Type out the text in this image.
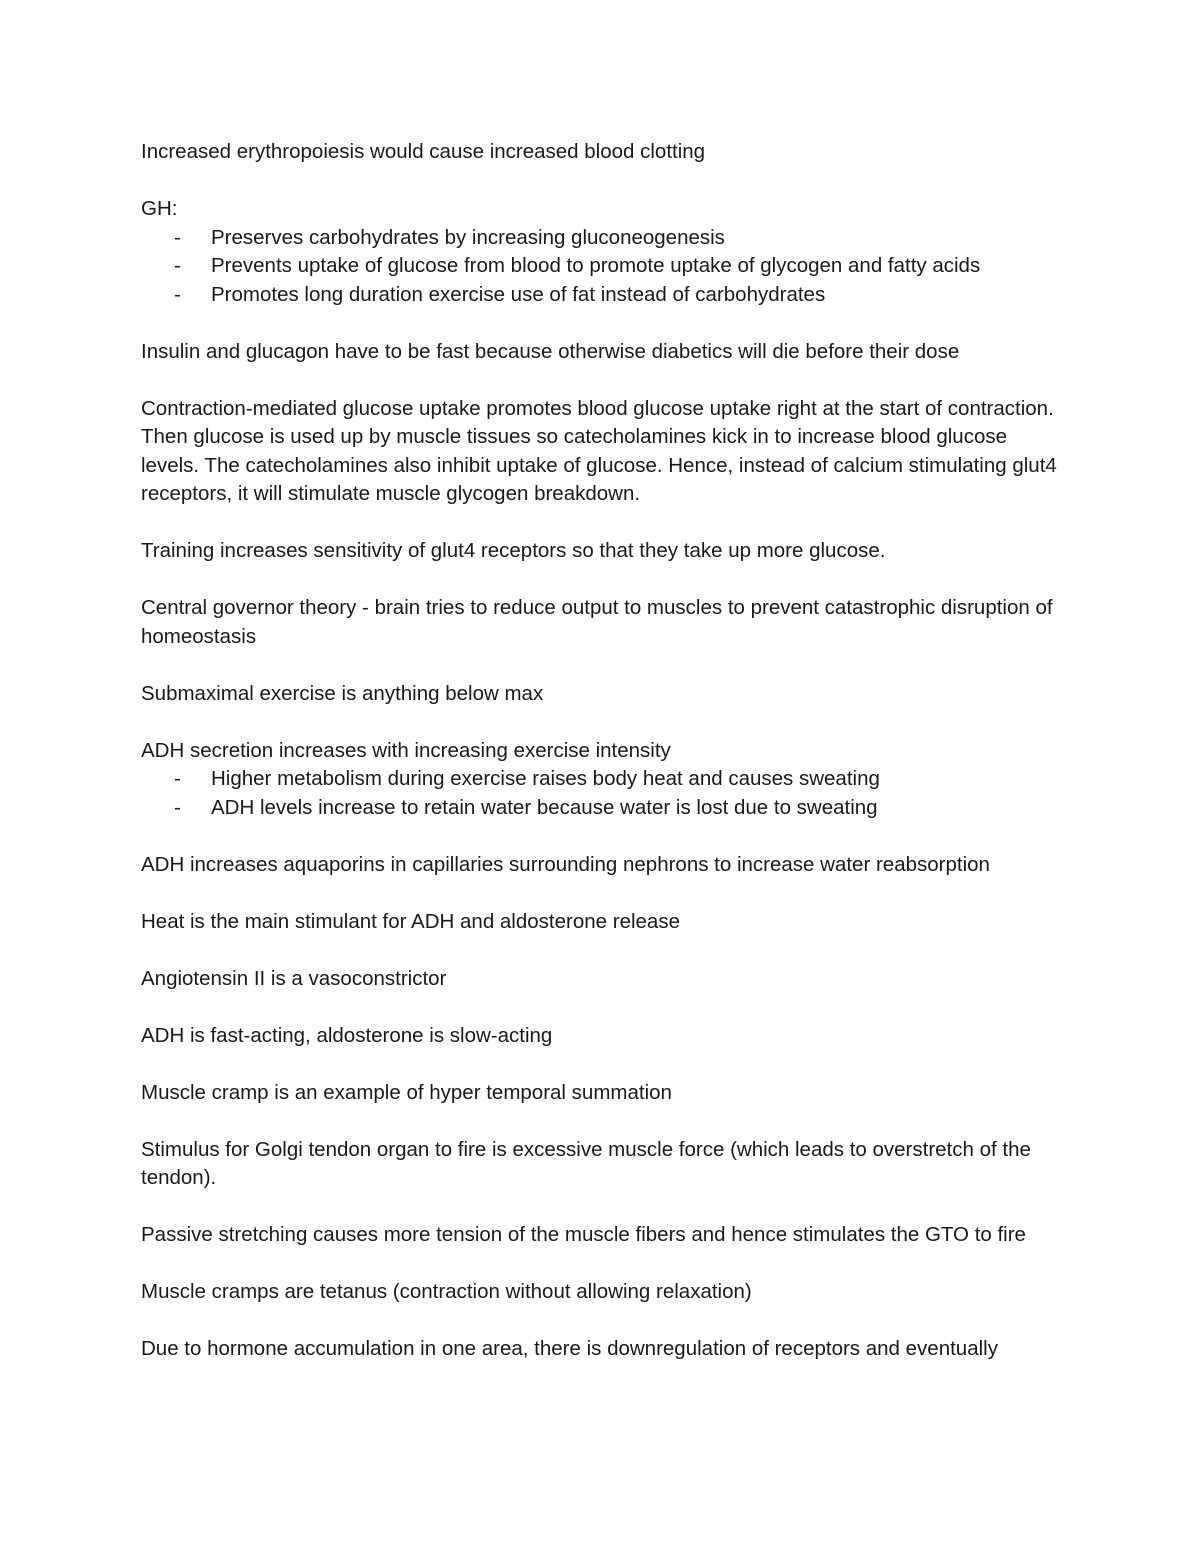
Increased erythropoiesis would cause increased blood clotting

GH:

- Preserves carbohydrates by increasing gluconeogenesis
- Prevents uptake of glucose from blood to promote uptake of glycogen and fatty acids
- Promotes long duration exercise use of fat instead of carbohydrates

Insulin and glucagon have to be fast because otherwise diabetics will die before their dose

Contraction-mediated glucose uptake promotes blood glucose uptake right at the start of contraction. Then glucose is used up by muscle tissues so catecholamines kick in to increase blood glucose levels. The catecholamines also inhibit uptake of glucose. Hence, instead of calcium stimulating glut4 receptors, it will stimulate muscle glycogen breakdown.

Training increases sensitivity of glut4 receptors so that they take up more glucose.

Central governor theory - brain tries to reduce output to muscles to prevent catastrophic disruption of homeostasis

Submaximal exercise is anything below max

ADH secretion increases with increasing exercise intensity

- Higher metabolism during exercise raises body heat and causes sweating
- ADH levels increase to retain water because water is lost due to sweating

ADH increases aquaporins in capillaries surrounding nephrons to increase water reabsorption

Heat is the main stimulant for ADH and aldosterone release

Angiotensin II is a vasoconstrictor

ADH is fast-acting, aldosterone is slow-acting

Muscle cramp is an example of hyper temporal summation

Stimulus for Golgi tendon organ to fire is excessive muscle force (which leads to overstretch of the tendon).

Passive stretching causes more tension of the muscle fibers and hence stimulates the GTO to fire

Muscle cramps are tetanus (contraction without allowing relaxation)

Due to hormone accumulation in one area, there is downregulation of receptors and eventually
